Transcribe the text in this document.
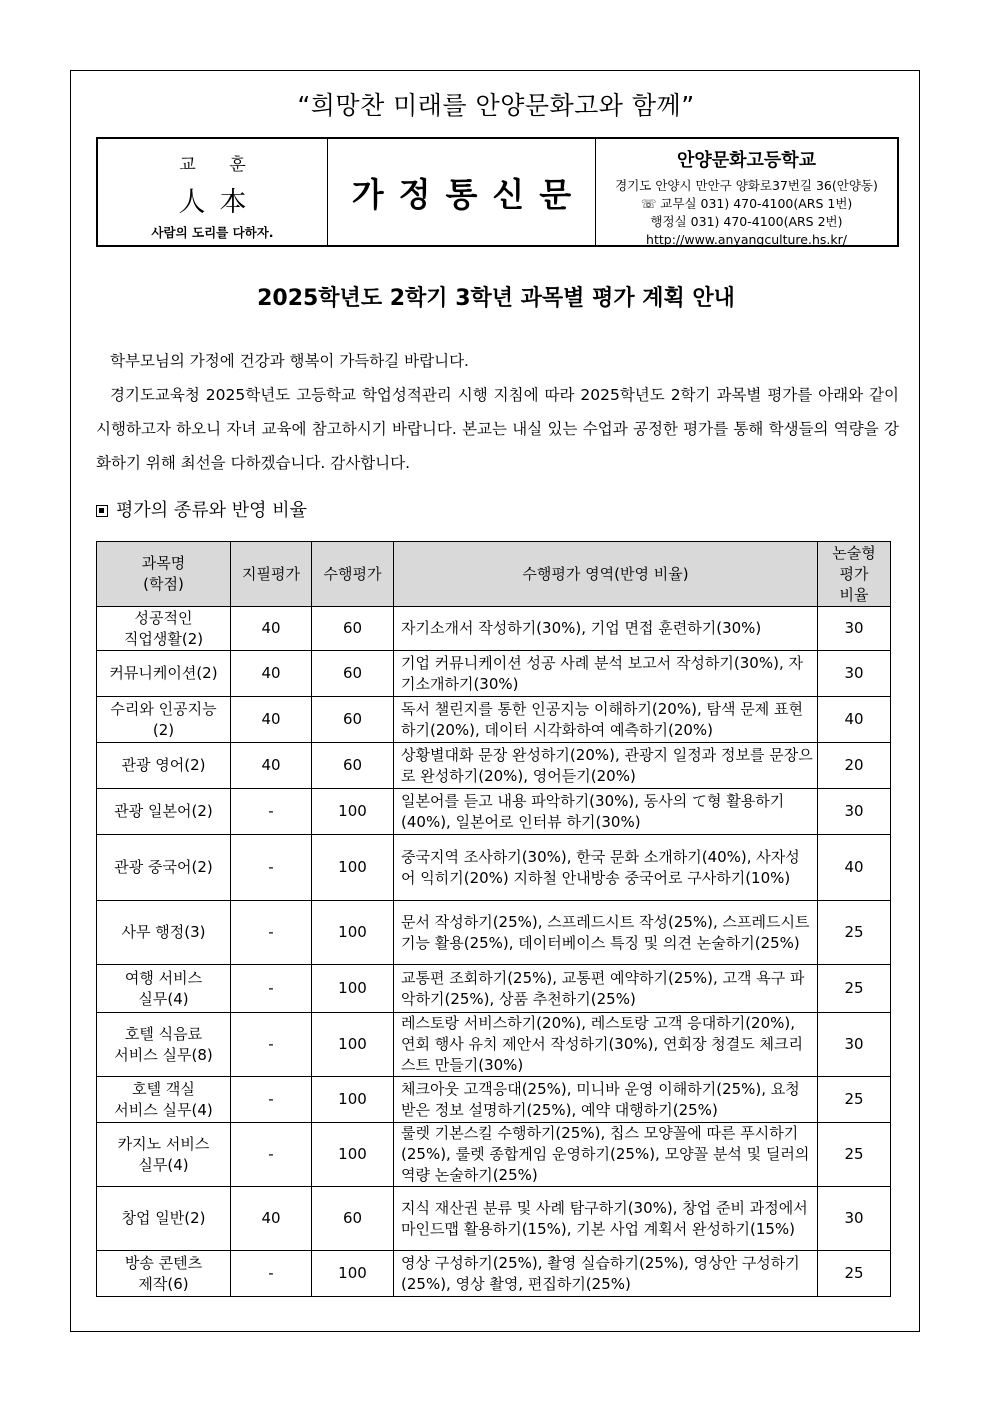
“희망찬 미래를 안양문화고와 함께”
교 훈
人本
사람의 도리를 다하자.
가정통신문
안양문화고등학교
경기도 안양시 만안구 양화로37번길 36(안양동)
☏ 교무실 031) 470-4100(ARS 1번)
행정실 031) 470-4100(ARS 2번)
http://www.anyangculture.hs.kr/
2025학년도 2학기 3학년 과목별 평가 계획 안내

학부모님의 가정에 건강과 행복이 가득하길 바랍니다.

경기도교육청 2025학년도 고등학교 학업성적관리 시행 지침에 따라 2025학년도 2학기 과목별 평가를 아래와 같이 시행하고자 하오니 자녀 교육에 참고하시기 바랍니다. 본교는 내실 있는 수업과 공정한 평가를 통해 학생들의 역량을 강화하기 위해 최선을 다하겠습니다. 감사합니다.

평가의 종류와 반영 비율
과목명
(학점)	지필평가	수행평가	수행평가 영역(반영 비율)	논술형
평가
비율
성공적인
직업생활(2)	40	60	자기소개서 작성하기(30%), 기업 면접 훈련하기(30%)	30
커뮤니케이션(2)	40	60	기업 커뮤니케이션 성공 사례 분석 보고서 작성하기(30%), 자기소개하기(30%)	30
수리와 인공지능
(2)	40	60	독서 챌린지를 통한 인공지능 이해하기(20%), 탐색 문제 표현하기(20%), 데이터 시각화하여 예측하기(20%)	40
관광 영어(2)	40	60	상황별대화 문장 완성하기(20%), 관광지 일정과 정보를 문장으로 완성하기(20%), 영어듣기(20%)	20
관광 일본어(2)	-	100	일본어를 듣고 내용 파악하기(30%), 동사의 て형 활용하기(40%), 일본어로 인터뷰 하기(30%)	30
관광 중국어(2)	-	100	중국지역 조사하기(30%), 한국 문화 소개하기(40%), 사자성어 익히기(20%) 지하철 안내방송 중국어로 구사하기(10%)	40
사무 행정(3)	-	100	문서 작성하기(25%), 스프레드시트 작성(25%), 스프레드시트 기능 활용(25%), 데이터베이스 특징 및 의견 논술하기(25%)	25
여행 서비스
실무(4)	-	100	교통편 조회하기(25%), 교통편 예약하기(25%), 고객 욕구 파악하기(25%), 상품 추천하기(25%)	25
호텔 식음료
서비스 실무(8)	-	100	레스토랑 서비스하기(20%), 레스토랑 고객 응대하기(20%), 연회 행사 유치 제안서 작성하기(30%), 연회장 청결도 체크리스트 만들기(30%)	30
호텔 객실
서비스 실무(4)	-	100	체크아웃 고객응대(25%), 미니바 운영 이해하기(25%), 요청받은 정보 설명하기(25%), 예약 대행하기(25%)	25
카지노 서비스
실무(4)	-	100	룰렛 기본스킬 수행하기(25%), 칩스 모양꼴에 따른 푸시하기(25%), 룰렛 종합게임 운영하기(25%), 모양꼴 분석 및 딜러의 역량 논술하기(25%)	25
창업 일반(2)	40	60	지식 재산권 분류 및 사례 탐구하기(30%), 창업 준비 과정에서 마인드맵 활용하기(15%), 기본 사업 계획서 완성하기(15%)	30
방송 콘텐츠
제작(6)	-	100	영상 구성하기(25%), 촬영 실습하기(25%), 영상안 구성하기(25%), 영상 촬영, 편집하기(25%)	25
